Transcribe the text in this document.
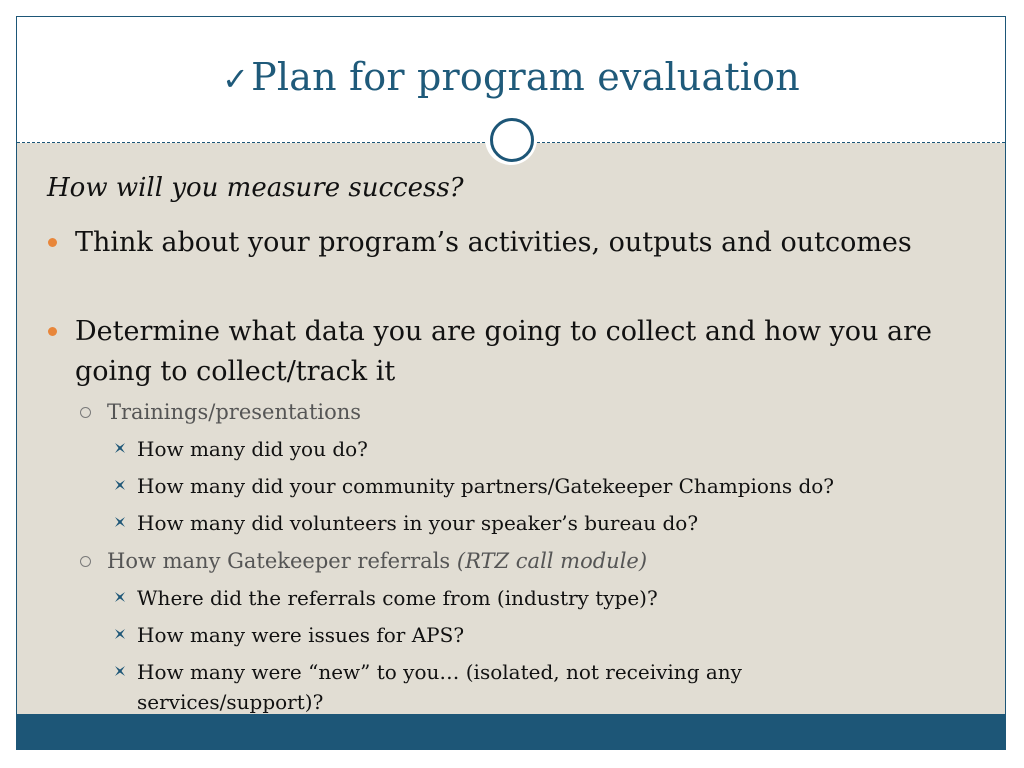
✓Plan for program evaluation
How will you measure success?
Think about your program’s activities, outputs and outcomes
Determine what data you are going to collect and how you are going to collect/track it
Trainings/presentations
How many did you do?
How many did your community partners/Gatekeeper Champions do?
How many did volunteers in your speaker’s bureau do?
How many Gatekeeper referrals (RTZ call module)
Where did the referrals come from (industry type)?
How many were issues for APS?
How many were “new” to you… (isolated, not receiving any services/support)?
